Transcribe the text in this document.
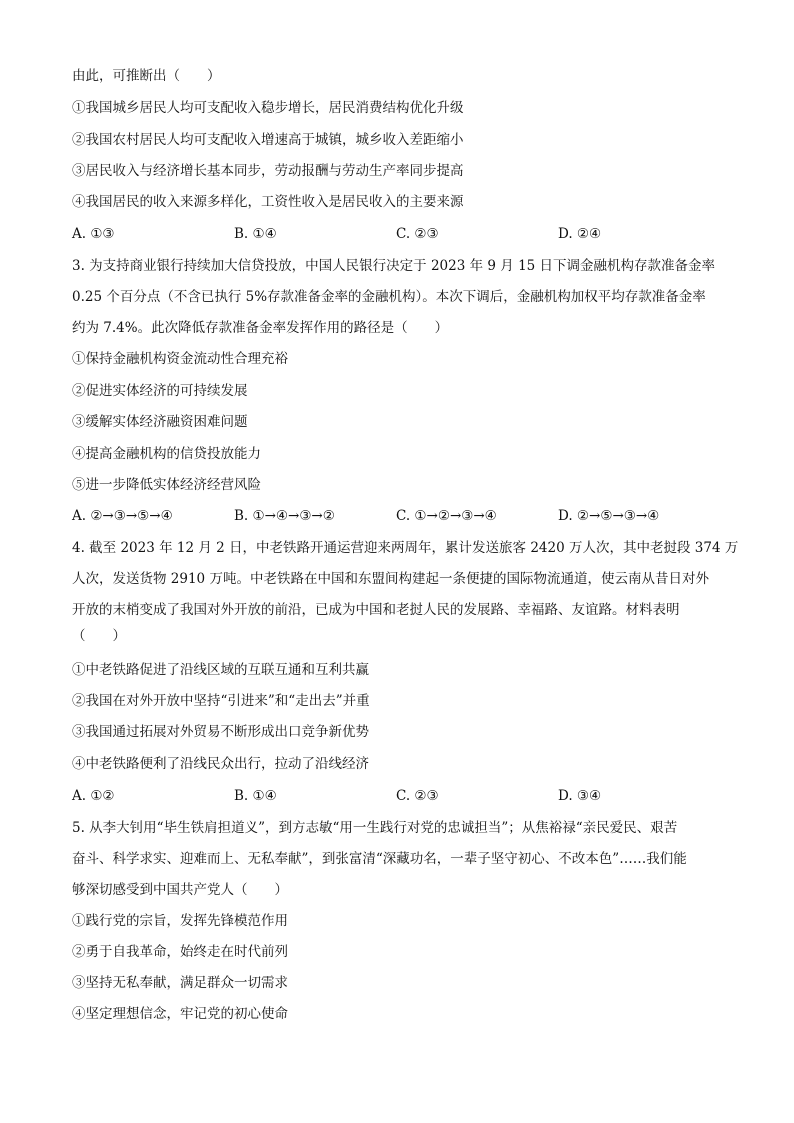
由此，可推断出（　　）
①我国城乡居民人均可支配收入稳步增长，居民消费结构优化升级
②我国农村居民人均可支配收入增速高于城镇，城乡收入差距缩小
③居民收入与经济增长基本同步，劳动报酬与劳动生产率同步提高
④我国居民的收入来源多样化，工资性收入是居民收入的主要来源
A. ①③	B. ①④	C. ②③	D. ②④
3. 为支持商业银行持续加大信贷投放，中国人民银行决定于 2023 年 9 月 15 日下调金融机构存款准备金率
0.25 个百分点（不含已执行 5%存款准备金率的金融机构）。本次下调后，金融机构加权平均存款准备金率
约为 7.4%。此次降低存款准备金率发挥作用的路径是（　　）
①保持金融机构资金流动性合理充裕
②促进实体经济的可持续发展
③缓解实体经济融资困难问题
④提高金融机构的信贷投放能力
⑤进一步降低实体经济经营风险
A. ②→③→⑤→④	B. ①→④→③→②	C. ①→②→③→④	D. ②→⑤→③→④
4. 截至 2023 年 12 月 2 日，中老铁路开通运营迎来两周年，累计发送旅客 2420 万人次，其中老挝段 374 万
人次，发送货物 2910 万吨。中老铁路在中国和东盟间构建起一条便捷的国际物流通道，使云南从昔日对外
开放的末梢变成了我国对外开放的前沿，已成为中国和老挝人民的发展路、幸福路、友谊路。材料表明
（　　）
①中老铁路促进了沿线区域的互联互通和互利共赢
②我国在对外开放中坚持“引进来”和“走出去”并重
③我国通过拓展对外贸易不断形成出口竞争新优势
④中老铁路便利了沿线民众出行，拉动了沿线经济
A. ①②	B. ①④	C. ②③	D. ③④
5. 从李大钊用“毕生铁肩担道义”，到方志敏“用一生践行对党的忠诚担当”；从焦裕禄“亲民爱民、艰苦
奋斗、科学求实、迎难而上、无私奉献”，到张富清“深藏功名，一辈子坚守初心、不改本色”……我们能
够深切感受到中国共产党人（　　）
①践行党的宗旨，发挥先锋模范作用
②勇于自我革命，始终走在时代前列
③坚持无私奉献，满足群众一切需求
④坚定理想信念，牢记党的初心使命
